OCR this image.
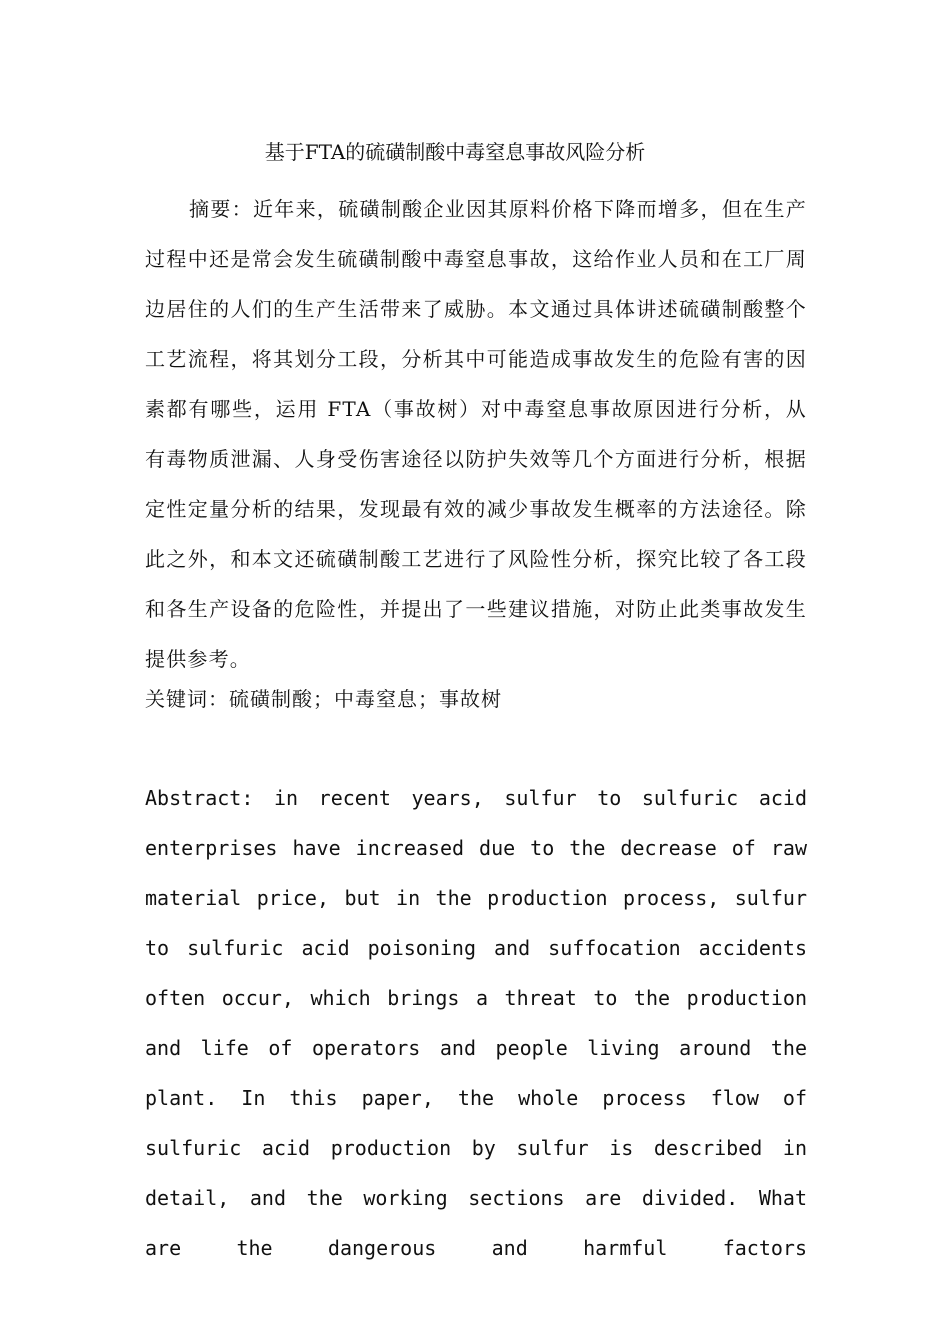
基于FTA的硫磺制酸中毒窒息事故风险分析

摘要：近年来，硫磺制酸企业因其原料价格下降而增多，但在生产过程中还是常会发生硫磺制酸中毒窒息事故，这给作业人员和在工厂周边居住的人们的生产生活带来了威胁。本文通过具体讲述硫磺制酸整个工艺流程，将其划分工段，分析其中可能造成事故发生的危险有害的因素都有哪些，运用 FTA（事故树）对中毒窒息事故原因进行分析，从有毒物质泄漏、人身受伤害途径以防护失效等几个方面进行分析，根据定性定量分析的结果，发现最有效的减少事故发生概率的方法途径。除此之外，和本文还硫磺制酸工艺进行了风险性分析，探究比较了各工段和各生产设备的危险性，并提出了一些建议措施，对防止此类事故发生提供参考。

关键词：硫磺制酸；中毒窒息；事故树

Abstract: in recent years, sulfur to sulfuric acid enterprises have increased due to the decrease of raw material price, but in the production process, sulfur to sulfuric acid poisoning and suffocation accidents often occur, which brings a threat to the production and life of operators and people living around the plant. In this paper, the whole process flow of sulfuric acid production by sulfur is described in detail, and the working sections are divided. What are the dangerous and harmful factors
